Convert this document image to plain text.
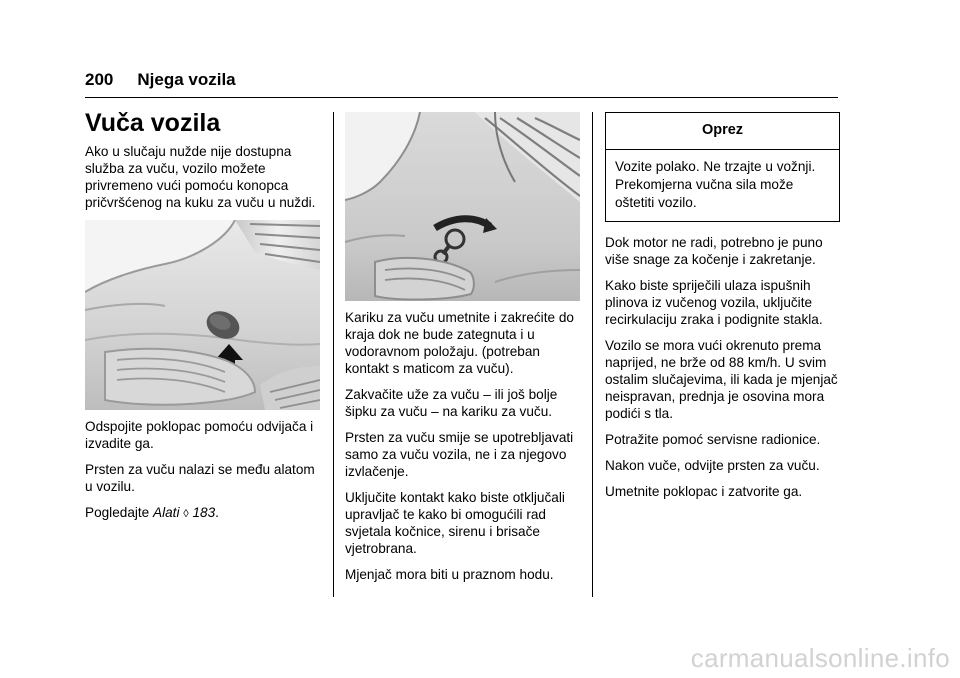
200 Njega vozila
Vuča vozila

Ako u slučaju nužde nije dostupna služba za vuču, vozilo možete privremeno vući pomoću konopca pričvršćenog na kuku za vuču u nuždi.

Odspojite poklopac pomoću odvijača i izvadite ga.

Prsten za vuču nalazi se među alatom u vozilu.

Pogledajte Alati ◊ 183.

Kariku za vuču umetnite i zakrećite do kraja dok ne bude zategnuta i u vodoravnom položaju. (potreban kontakt s maticom za vuču).

Zakvačite uže za vuču – ili još bolje šipku za vuču – na kariku za vuču.

Prsten za vuču smije se upotrebljavati samo za vuču vozila, ne i za njegovo izvlačenje.

Uključite kontakt kako biste otključali upravljač te kako bi omogućili rad svjetala kočnice, sirenu i brisače vjetrobrana.

Mjenjač mora biti u praznom hodu.

Oprez
Vozite polako. Ne trzajte u vožnji. Prekomjerna vučna sila može oštetiti vozilo.

Dok motor ne radi, potrebno je puno više snage za kočenje i zakretanje.

Kako biste spriječili ulaza ispušnih plinova iz vučenog vozila, uključite recirkulaciju zraka i podignite stakla.

Vozilo se mora vući okrenuto prema naprijed, ne brže od 88 km/h. U svim ostalim slučajevima, ili kada je mjenjač neispravan, prednja je osovina mora podići s tla.

Potražite pomoć servisne radionice.

Nakon vuče, odvijte prsten za vuču.

Umetnite poklopac i zatvorite ga.

carmanualsonline.info
